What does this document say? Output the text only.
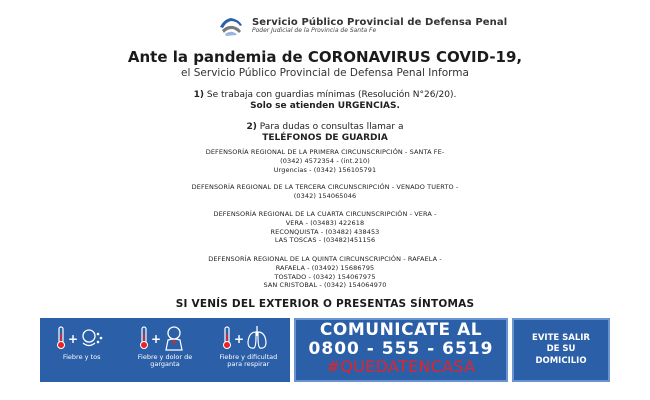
Servicio Público Provincial de Defensa Penal
Poder Judicial de la Provincia de Santa Fe
Ante la pandemia de CORONAVIRUS COVID-19,
el Servicio Público Provincial de Defensa Penal Informa
1) Se trabaja con guardias mínimas (Resolución N°26/20).
Solo se atienden URGENCIAS.
2) Para dudas o consultas llamar a
TELÉFONOS DE GUARDIA
DEFENSORÍA REGIONAL DE LA PRIMERA CIRCUNSCRIPCIÓN - SANTA FE-
(0342) 4572354 - (int.210)
Urgencias - (0342) 156105791
DEFENSORÍA REGIONAL DE LA TERCERA CIRCUNSCRIPCIÓN - VENADO TUERTO -
(0342) 154065046
DEFENSORÍA REGIONAL DE LA CUARTA CIRCUNSCRIPCIÓN - VERA -
VERA - (03483) 422618
RECONQUISTA - (03482) 438453
LAS TOSCAS - (03482)451156
DEFENSORÍA REGIONAL DE LA QUINTA CIRCUNSCRIPCIÓN - RAFAELA -
RAFAELA - (03492) 15686795
TOSTADO - (0342) 154067975
SAN CRISTOBAL - (0342) 154064970
SI VENÍS DEL EXTERIOR O PRESENTAS SÍNTOMAS
+
Fiebre y tos
+
Fiebre y dolor de garganta
+
Fiebre y dificultad para respirar
COMUNICATE AL
0800 - 555 - 6519
#QUEDATENCASA
EVITE SALIR
DE SU
DOMICILIO
